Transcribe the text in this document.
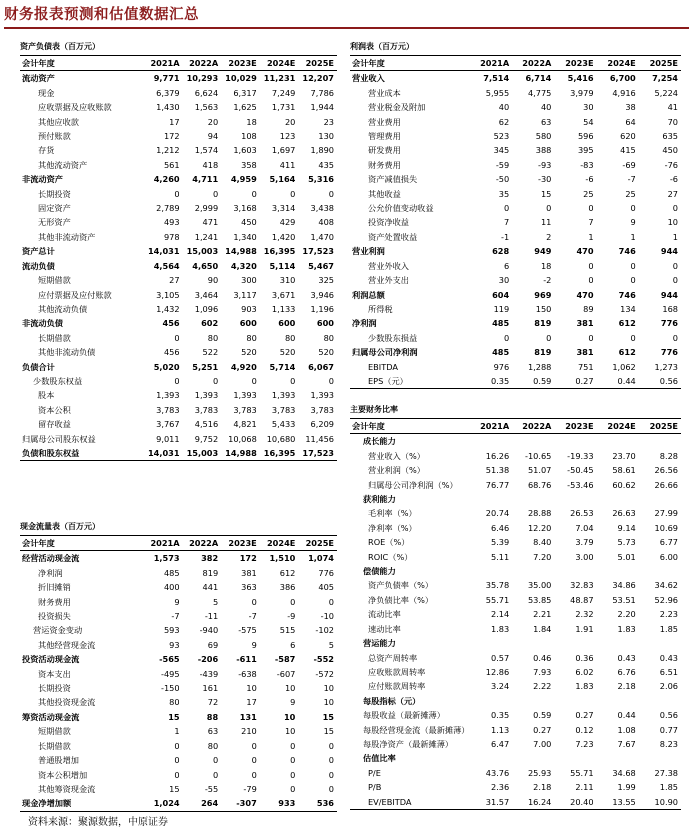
财务报表预测和估值数据汇总
资产负债表（百万元）
会计年度	2021A	2022A	2023E	2024E	2025E
流动资产	9,771	10,293	10,029	11,231	12,207
现金	6,379	6,624	6,317	7,249	7,786
应收票据及应收账款	1,430	1,563	1,625	1,731	1,944
其他应收款	17	20	18	20	23
预付账款	172	94	108	123	130
存货	1,212	1,574	1,603	1,697	1,890
其他流动资产	561	418	358	411	435
非流动资产	4,260	4,711	4,959	5,164	5,316
长期投资	0	0	0	0	0
固定资产	2,789	2,999	3,168	3,314	3,438
无形资产	493	471	450	429	408
其他非流动资产	978	1,241	1,340	1,420	1,470
资产总计	14,031	15,003	14,988	16,395	17,523
流动负债	4,564	4,650	4,320	5,114	5,467
短期借款	27	90	300	310	325
应付票据及应付账款	3,105	3,464	3,117	3,671	3,946
其他流动负债	1,432	1,096	903	1,133	1,196
非流动负债	456	602	600	600	600
长期借款	0	80	80	80	80
其他非流动负债	456	522	520	520	520
负债合计	5,020	5,251	4,920	5,714	6,067
少数股东权益	0	0	0	0	0
股本	1,393	1,393	1,393	1,393	1,393
资本公积	3,783	3,783	3,783	3,783	3,783
留存收益	3,767	4,516	4,821	5,433	6,209
归属母公司股东权益	9,011	9,752	10,068	10,680	11,456
负债和股东权益	14,031	15,003	14,988	16,395	17,523
利润表（百万元）
会计年度	2021A	2022A	2023E	2024E	2025E
营业收入	7,514	6,714	5,416	6,700	7,254
营业成本	5,955	4,775	3,979	4,916	5,224
营业税金及附加	40	40	30	38	41
营业费用	62	63	54	64	70
管理费用	523	580	596	620	635
研发费用	345	388	395	415	450
财务费用	-59	-93	-83	-69	-76
资产减值损失	-50	-30	-6	-7	-6
其他收益	35	15	25	25	27
公允价值变动收益	0	0	0	0	0
投资净收益	7	11	7	9	10
资产处置收益	-1	2	1	1	1
营业利润	628	949	470	746	944
营业外收入	6	18	0	0	0
营业外支出	30	-2	0	0	0
利润总额	604	969	470	746	944
所得税	119	150	89	134	168
净利润	485	819	381	612	776
少数股东损益	0	0	0	0	0
归属母公司净利润	485	819	381	612	776
EBITDA	976	1,288	751	1,062	1,273
EPS（元）	0.35	0.59	0.27	0.44	0.56
现金流量表（百万元）
会计年度	2021A	2022A	2023E	2024E	2025E
经营活动现金流	1,573	382	172	1,510	1,074
净利润	485	819	381	612	776
折旧摊销	400	441	363	386	405
财务费用	9	5	0	0	0
投资损失	-7	-11	-7	-9	-10
营运资金变动	593	-940	-575	515	-102
其他经营现金流	93	69	9	6	5
投资活动现金流	-565	-206	-611	-587	-552
资本支出	-495	-439	-638	-607	-572
长期投资	-150	161	10	10	10
其他投资现金流	80	72	17	9	10
筹资活动现金流	15	88	131	10	15
短期借款	1	63	210	10	15
长期借款	0	80	0	0	0
普通股增加	0	0	0	0	0
资本公积增加	0	0	0	0	0
其他筹资现金流	15	-55	-79	0	0
现金净增加额	1,024	264	-307	933	536
主要财务比率
会计年度	2021A	2022A	2023E	2024E	2025E
成长能力					
营业收入（%）	16.26	-10.65	-19.33	23.70	8.28
营业利润（%）	51.38	51.07	-50.45	58.61	26.56
归属母公司净利润（%）	76.77	68.76	-53.46	60.62	26.66
获利能力					
毛利率（%）	20.74	28.88	26.53	26.63	27.99
净利率（%）	6.46	12.20	7.04	9.14	10.69
ROE（%）	5.39	8.40	3.79	5.73	6.77
ROIC（%）	5.11	7.20	3.00	5.01	6.00
偿债能力					
资产负债率（%）	35.78	35.00	32.83	34.86	34.62
净负债比率（%）	55.71	53.85	48.87	53.51	52.96
流动比率	2.14	2.21	2.32	2.20	2.23
速动比率	1.83	1.84	1.91	1.83	1.85
营运能力					
总资产周转率	0.57	0.46	0.36	0.43	0.43
应收账款周转率	12.86	7.93	6.02	6.76	6.51
应付账款周转率	3.24	2.22	1.83	2.18	2.06
每股指标（元）					
每股收益（最新摊薄）	0.35	0.59	0.27	0.44	0.56
每股经营现金流（最新摊薄）	1.13	0.27	0.12	1.08	0.77
每股净资产（最新摊薄）	6.47	7.00	7.23	7.67	8.23
估值比率					
P/E	43.76	25.93	55.71	34.68	27.38
P/B	2.36	2.18	2.11	1.99	1.85
EV/EBITDA	31.57	16.24	20.40	13.55	10.90
资料来源：聚源数据，中原证券
